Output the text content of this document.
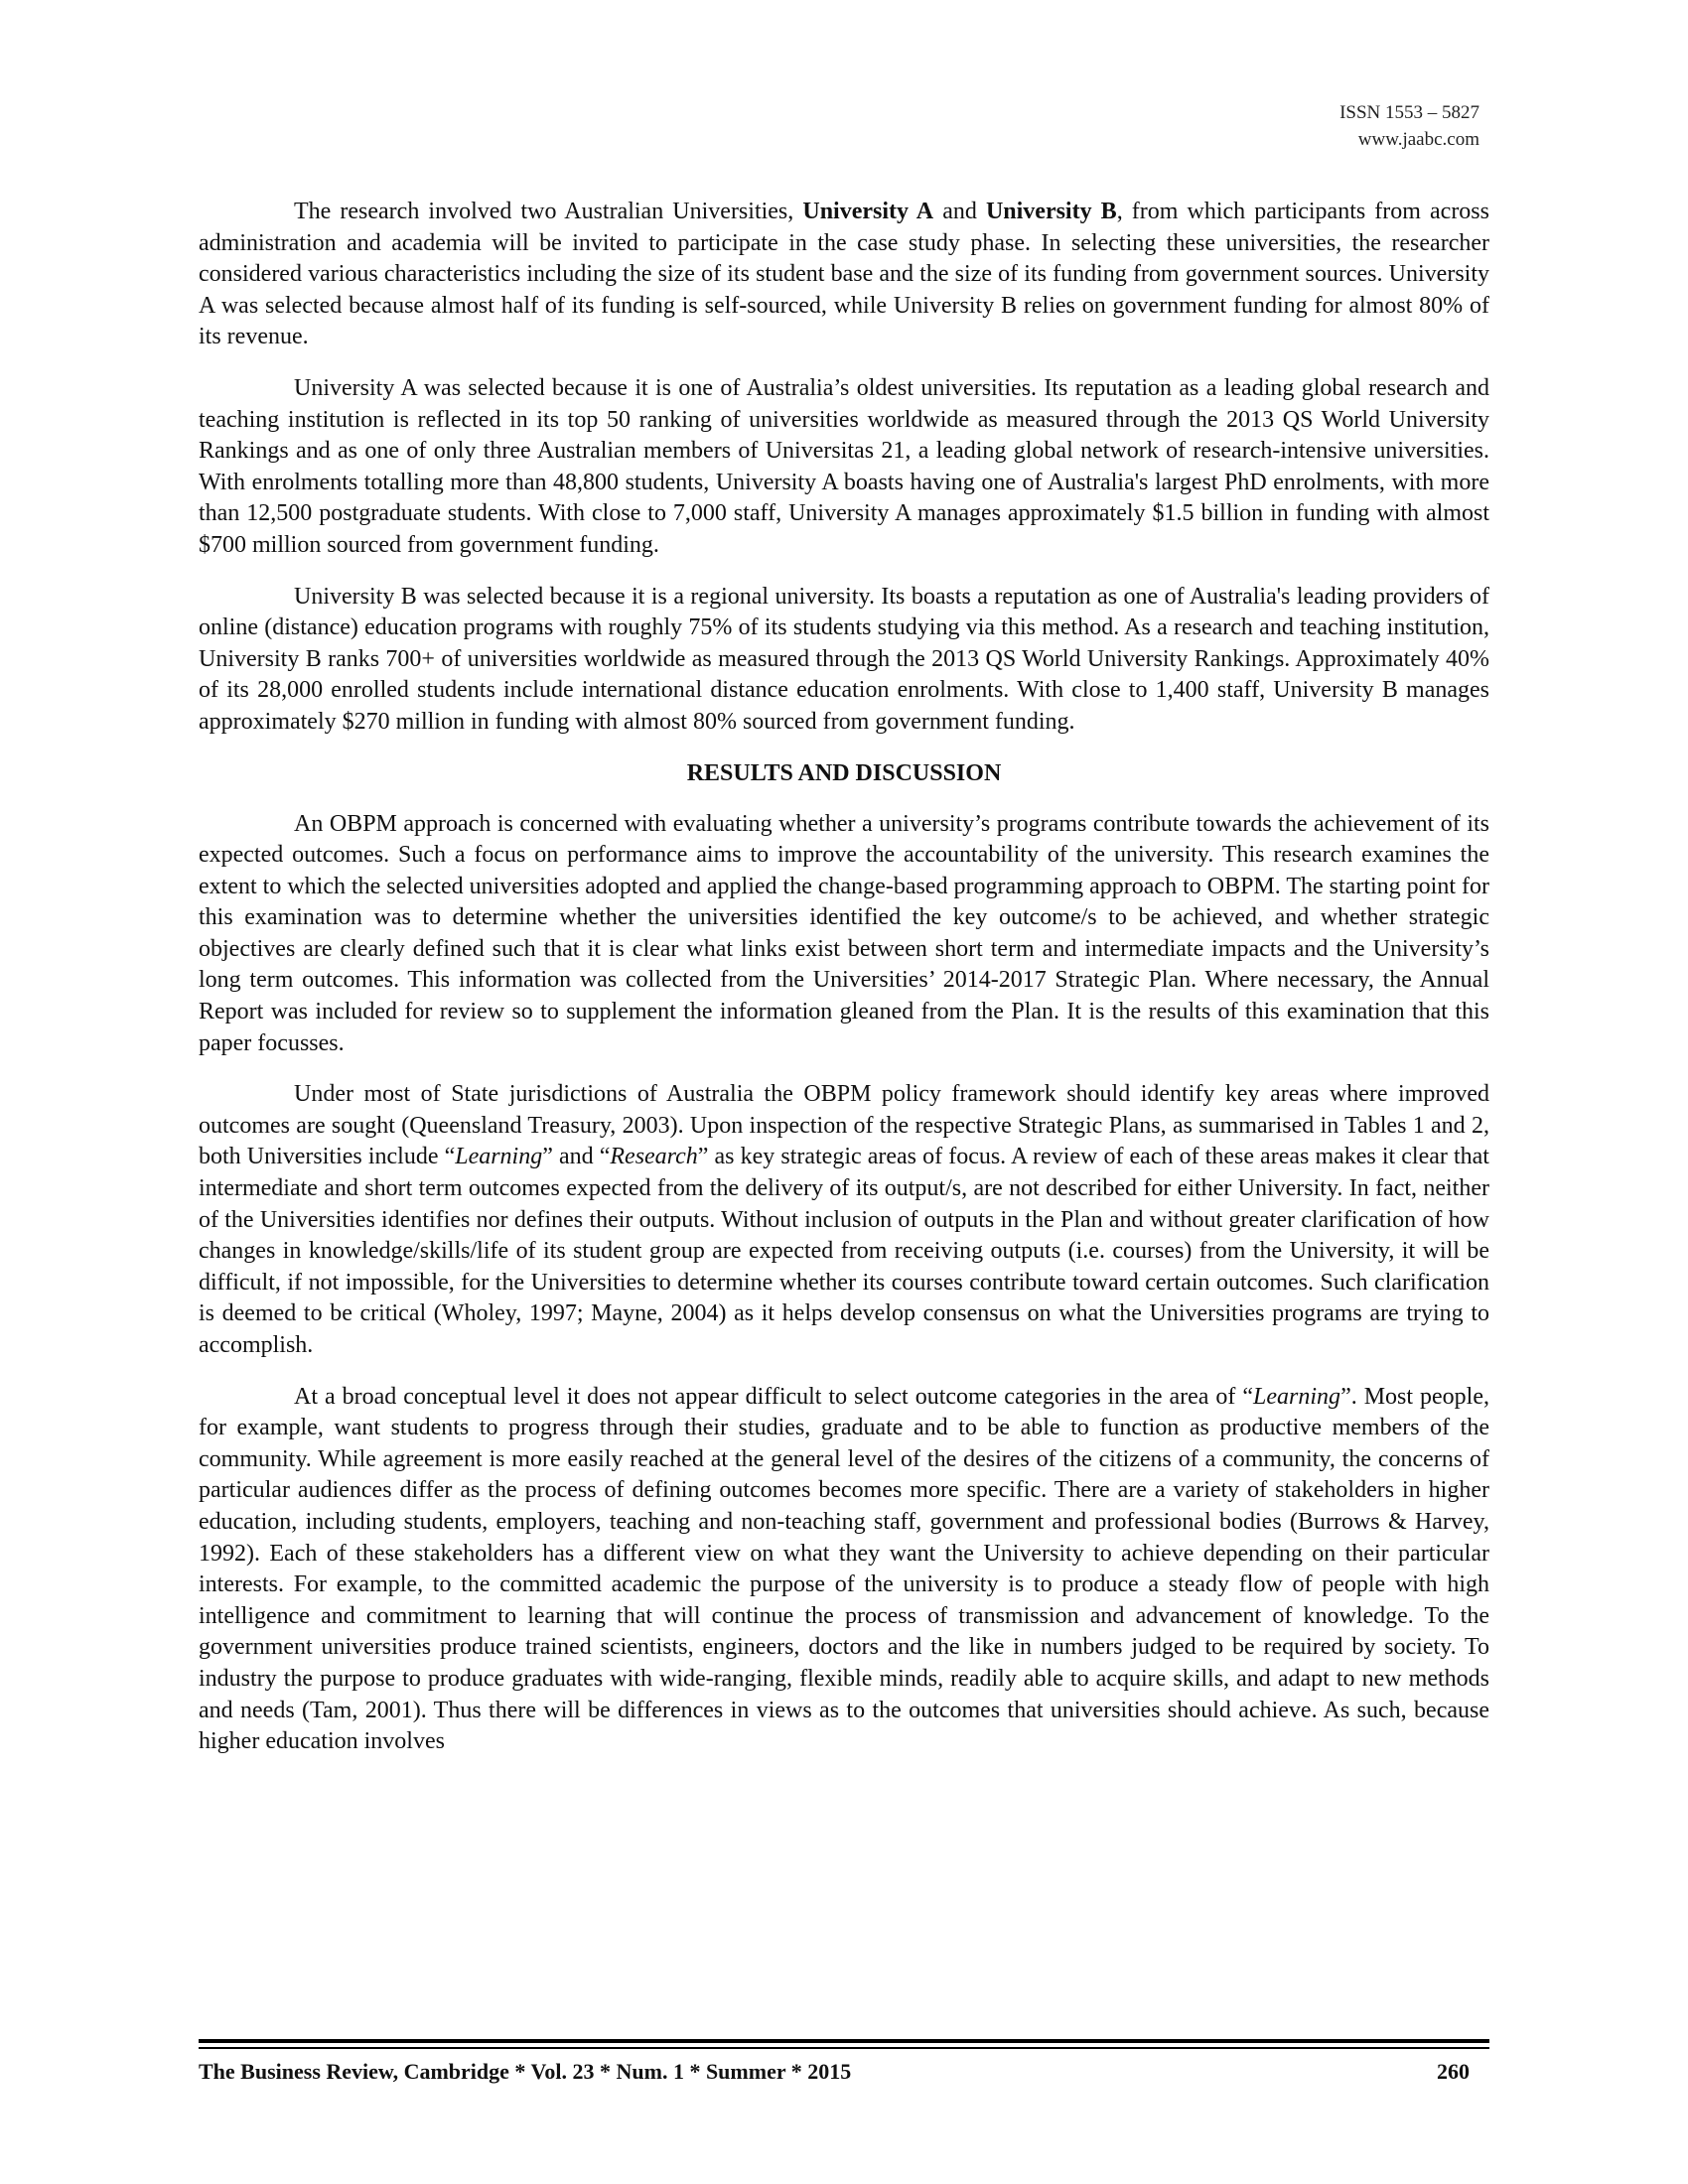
ISSN 1553 – 5827
www.jaabc.com

The research involved two Australian Universities, University A and University B, from which participants from across administration and academia will be invited to participate in the case study phase. In selecting these universities, the researcher considered various characteristics including the size of its student base and the size of its funding from government sources. University A was selected because almost half of its funding is self-sourced, while University B relies on government funding for almost 80% of its revenue.

University A was selected because it is one of Australia’s oldest universities. Its reputation as a leading global research and teaching institution is reflected in its top 50 ranking of universities worldwide as measured through the 2013 QS World University Rankings and as one of only three Australian members of Universitas 21, a leading global network of research-intensive universities. With enrolments totalling more than 48,800 students, University A boasts having one of Australia's largest PhD enrolments, with more than 12,500 postgraduate students. With close to 7,000 staff, University A manages approximately $1.5 billion in funding with almost $700 million sourced from government funding.

University B was selected because it is a regional university. Its boasts a reputation as one of Australia's leading providers of online (distance) education programs with roughly 75% of its students studying via this method. As a research and teaching institution, University B ranks 700+ of universities worldwide as measured through the 2013 QS World University Rankings. Approximately 40% of its 28,000 enrolled students include international distance education enrolments. With close to 1,400 staff, University B manages approximately $270 million in funding with almost 80% sourced from government funding.

RESULTS AND DISCUSSION

An OBPM approach is concerned with evaluating whether a university’s programs contribute towards the achievement of its expected outcomes. Such a focus on performance aims to improve the accountability of the university. This research examines the extent to which the selected universities adopted and applied the change-based programming approach to OBPM. The starting point for this examination was to determine whether the universities identified the key outcome/s to be achieved, and whether strategic objectives are clearly defined such that it is clear what links exist between short term and intermediate impacts and the University’s long term outcomes. This information was collected from the Universities’ 2014-2017 Strategic Plan. Where necessary, the Annual Report was included for review so to supplement the information gleaned from the Plan. It is the results of this examination that this paper focusses.

Under most of State jurisdictions of Australia the OBPM policy framework should identify key areas where improved outcomes are sought (Queensland Treasury, 2003). Upon inspection of the respective Strategic Plans, as summarised in Tables 1 and 2, both Universities include “Learning” and “Research” as key strategic areas of focus. A review of each of these areas makes it clear that intermediate and short term outcomes expected from the delivery of its output/s, are not described for either University. In fact, neither of the Universities identifies nor defines their outputs. Without inclusion of outputs in the Plan and without greater clarification of how changes in knowledge/skills/life of its student group are expected from receiving outputs (i.e. courses) from the University, it will be difficult, if not impossible, for the Universities to determine whether its courses contribute toward certain outcomes. Such clarification is deemed to be critical (Wholey, 1997; Mayne, 2004) as it helps develop consensus on what the Universities programs are trying to accomplish.

At a broad conceptual level it does not appear difficult to select outcome categories in the area of “Learning”. Most people, for example, want students to progress through their studies, graduate and to be able to function as productive members of the community. While agreement is more easily reached at the general level of the desires of the citizens of a community, the concerns of particular audiences differ as the process of defining outcomes becomes more specific. There are a variety of stakeholders in higher education, including students, employers, teaching and non-teaching staff, government and professional bodies (Burrows & Harvey, 1992). Each of these stakeholders has a different view on what they want the University to achieve depending on their particular interests. For example, to the committed academic the purpose of the university is to produce a steady flow of people with high intelligence and commitment to learning that will continue the process of transmission and advancement of knowledge. To the government universities produce trained scientists, engineers, doctors and the like in numbers judged to be required by society. To industry the purpose to produce graduates with wide-ranging, flexible minds, readily able to acquire skills, and adapt to new methods and needs (Tam, 2001). Thus there will be differences in views as to the outcomes that universities should achieve. As such, because higher education involves

The Business Review, Cambridge * Vol. 23 * Num. 1 * Summer * 2015	260
